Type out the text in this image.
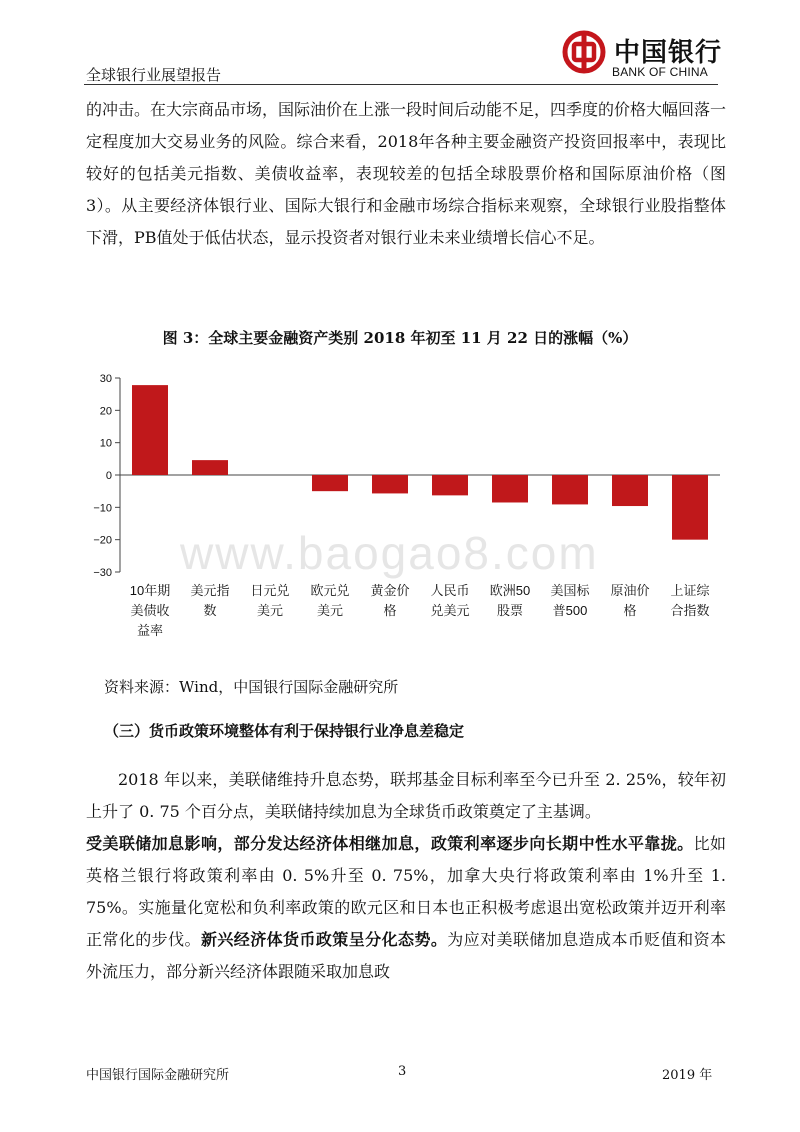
全球银行业展望报告
中国银行
BANK OF CHINA

的冲击。在大宗商品市场，国际油价在上涨一段时间后动能不足，四季度的价格大幅回落一定程度加大交易业务的风险。综合来看，2018年各种主要金融资产投资回报率中，表现比较好的包括美元指数、美债收益率，表现较差的包括全球股票价格和国际原油价格（图3）。从主要经济体银行业、国际大银行和金融市场综合指标来观察，全球银行业股指整体下滑，PB值处于低估状态，显示投资者对银行业未来业绩增长信心不足。

图 3：全球主要金融资产类别 2018 年初至 11 月 22 日的涨幅（%）
www.baogao8.com
30
20
10
0
−10
−20
−30
10年期
美债收
益率
美元指
数
日元兑
美元
欧元兑
美元
黄金价
格
人民币
兑美元
欧洲50
股票
美国标
普500
原油价
格
上证综
合指数
资料来源：Wind，中国银行国际金融研究所
（三）货币政策环境整体有利于保持银行业净息差稳定

2018 年以来，美联储维持升息态势，联邦基金目标利率至今已升至 2. 25%，较年初上升了 0. 75 个百分点，美联储持续加息为全球货币政策奠定了主基调。

受美联储加息影响，部分发达经济体相继加息，政策利率逐步向长期中性水平靠拢。比如英格兰银行将政策利率由 0. 5%升至 0. 75%，加拿大央行将政策利率由 1%升至 1. 75%。实施量化宽松和负利率政策的欧元区和日本也正积极考虑退出宽松政策并迈开利率正常化的步伐。新兴经济体货币政策呈分化态势。为应对美联储加息造成本币贬值和资本外流压力，部分新兴经济体跟随采取加息政

中国银行国际金融研究所	3	2019 年
